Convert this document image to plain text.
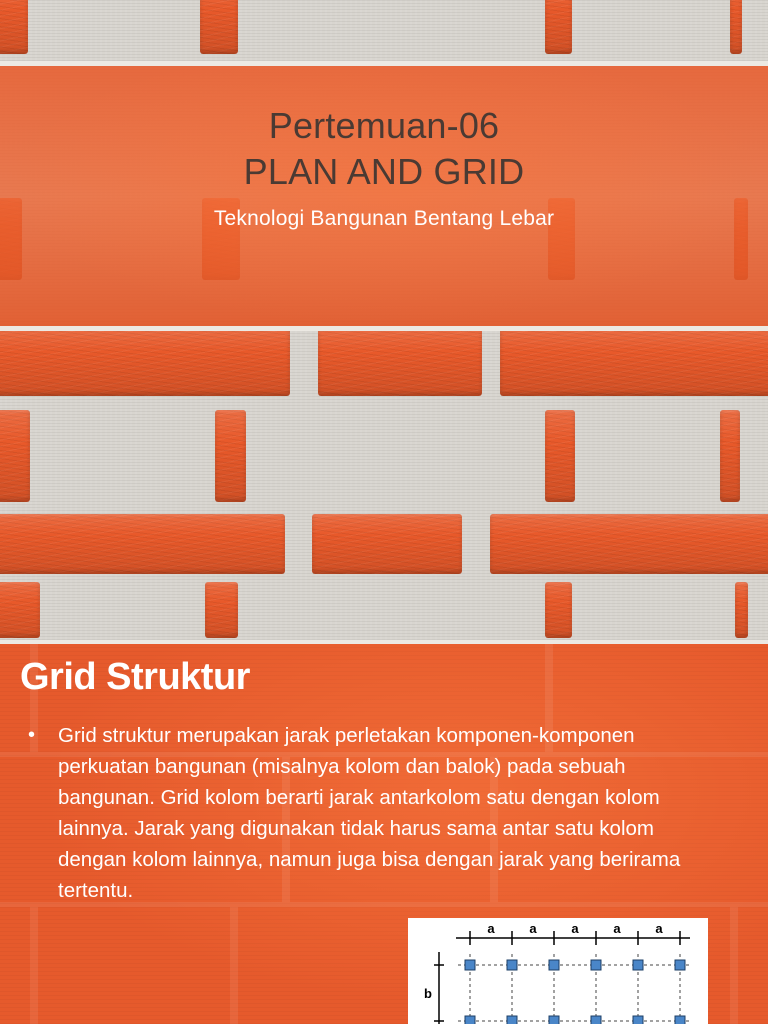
Pertemuan-06
PLAN AND GRID
Teknologi Bangunan Bentang Lebar
Grid Struktur
• Grid struktur merupakan jarak perletakan komponen-komponen perkuatan bangunan (misalnya kolom dan balok) pada sebuah bangunan. Grid kolom berarti jarak antarkolom satu dengan kolom lainnya. Jarak yang digunakan tidak harus sama antar satu kolom dengan kolom lainnya, namun juga bisa dengan jarak yang berirama tertentu.

a	a	a	a	a
b
